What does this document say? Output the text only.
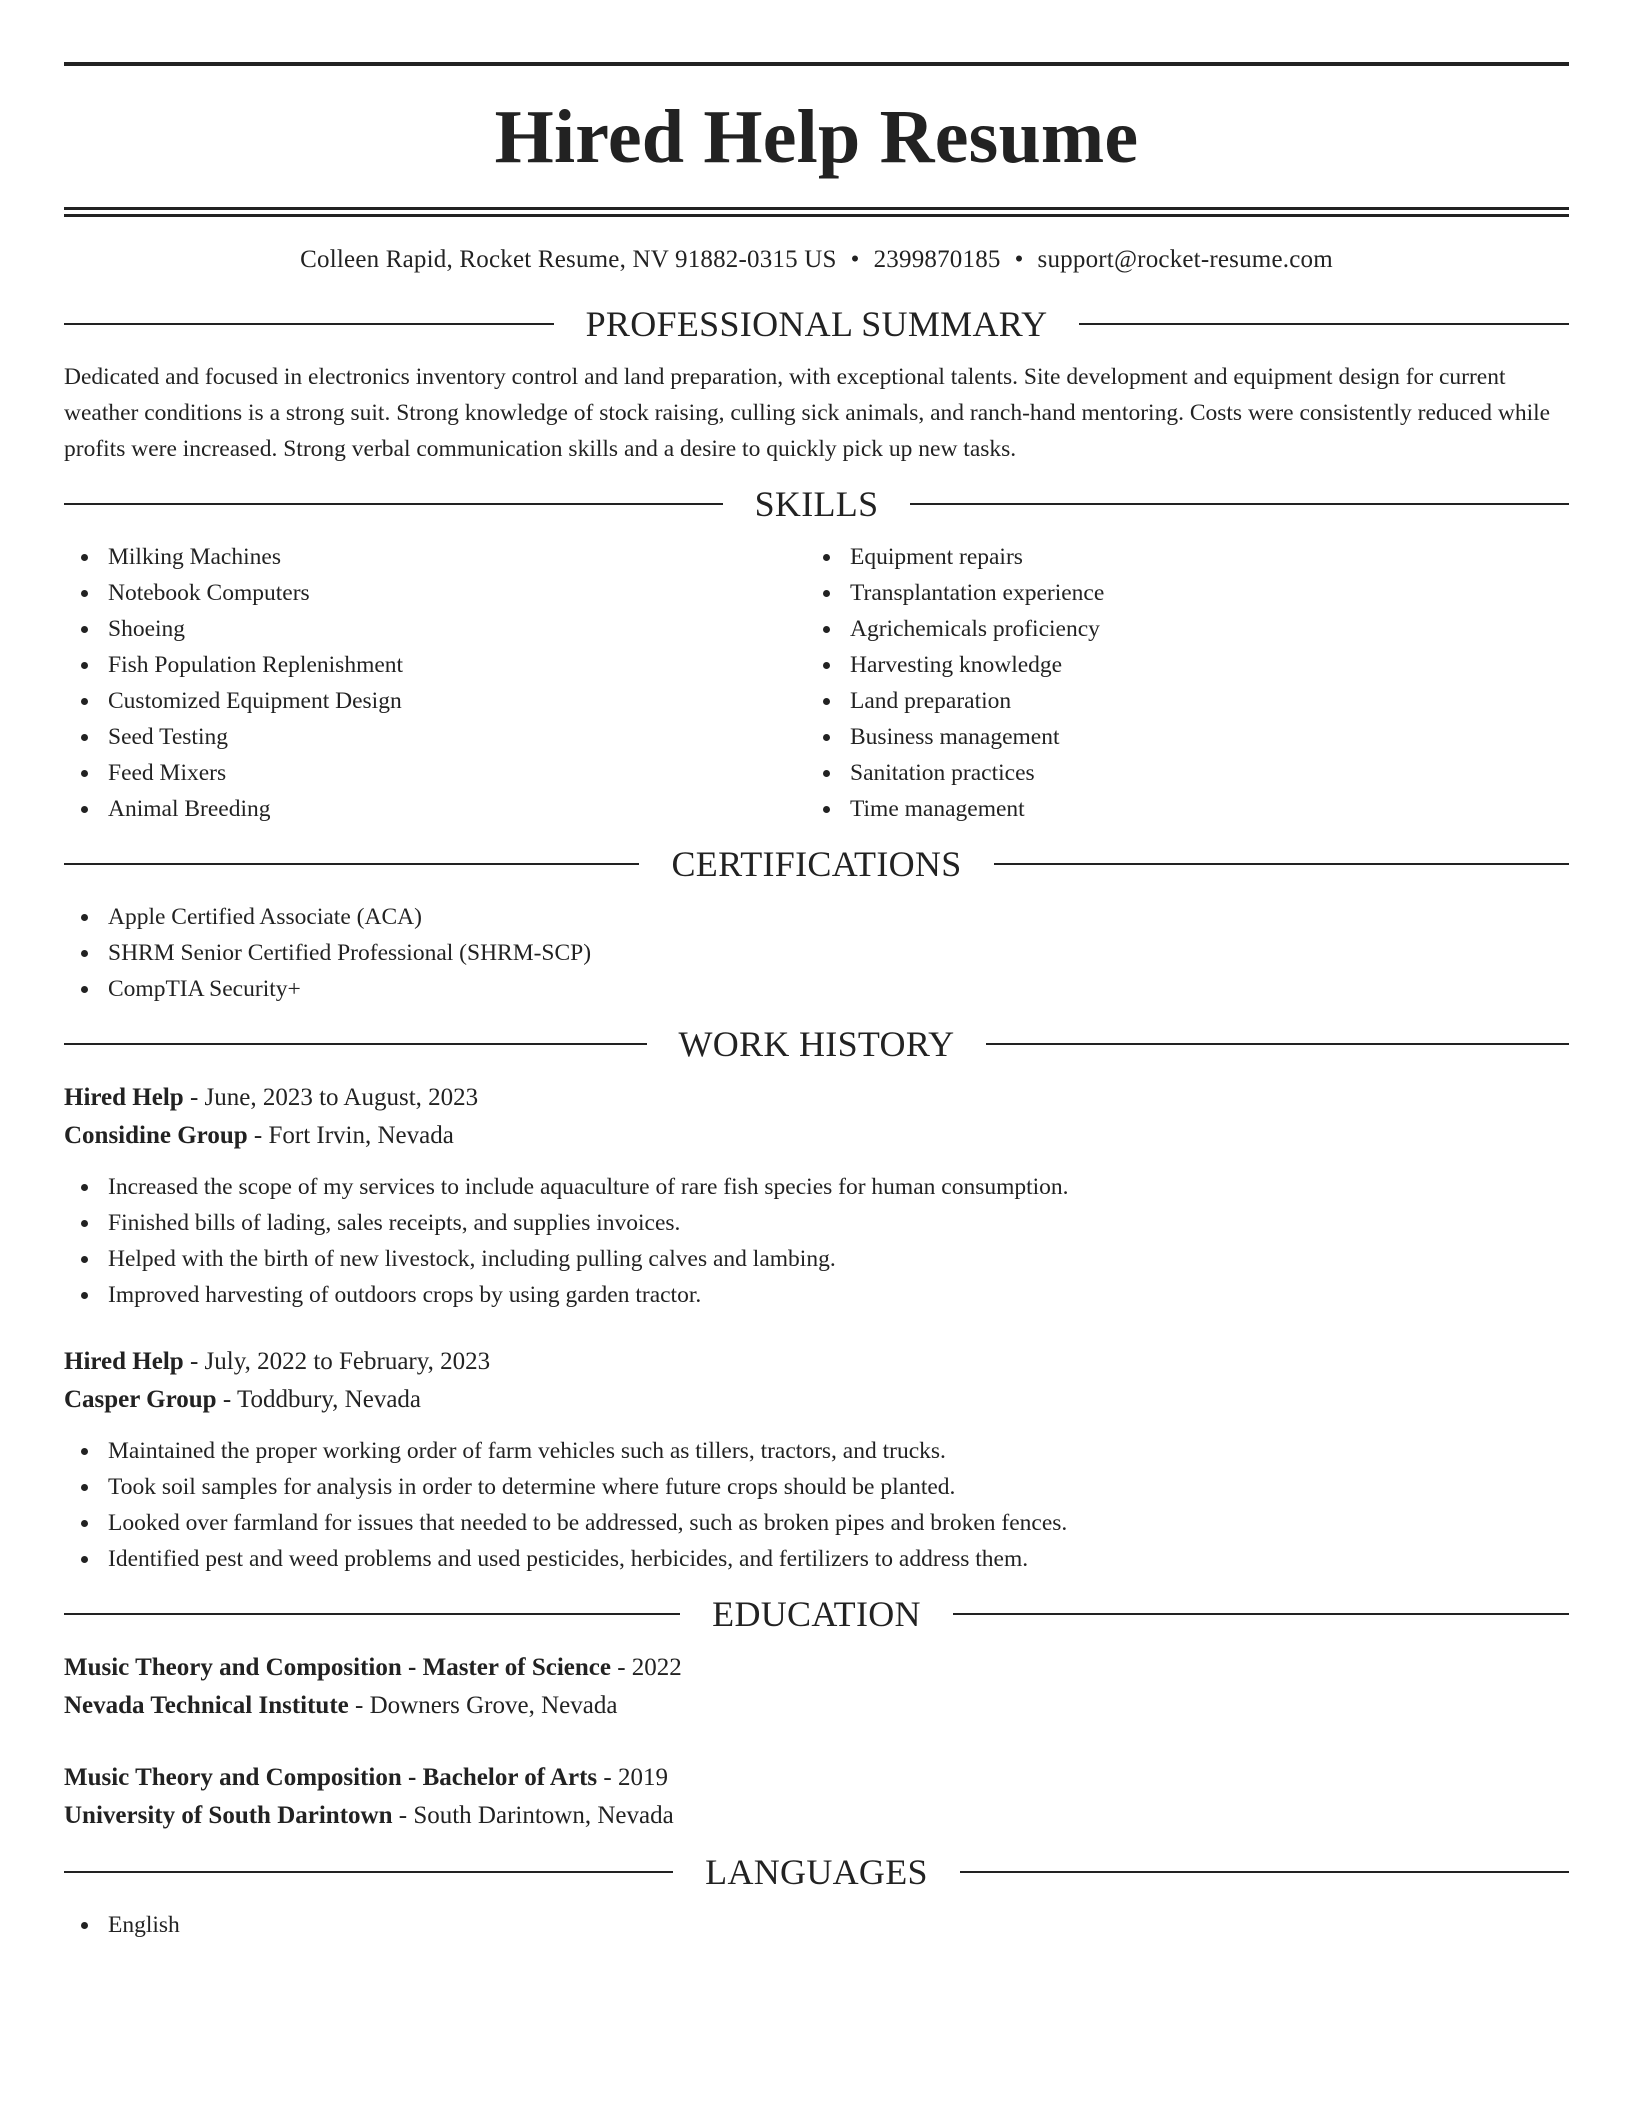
Hired Help Resume
Colleen Rapid, Rocket Resume, NV 91882-0315 US • 2399870185 • support@rocket-resume.com
PROFESSIONAL SUMMARY

Dedicated and focused in electronics inventory control and land preparation, with exceptional talents. Site development and equipment design for current weather conditions is a strong suit. Strong knowledge of stock raising, culling sick animals, and ranch-hand mentoring. Costs were consistently reduced while profits were increased. Strong verbal communication skills and a desire to quickly pick up new tasks.

SKILLS
Milking Machines
Notebook Computers
Shoeing
Fish Population Replenishment
Customized Equipment Design
Seed Testing
Feed Mixers
Animal Breeding
Equipment repairs
Transplantation experience
Agrichemicals proficiency
Harvesting knowledge
Land preparation
Business management
Sanitation practices
Time management
CERTIFICATIONS
Apple Certified Associate (ACA)
SHRM Senior Certified Professional (SHRM-SCP)
CompTIA Security+
WORK HISTORY
Hired Help - June, 2023 to August, 2023
Considine Group - Fort Irvin, Nevada
Increased the scope of my services to include aquaculture of rare fish species for human consumption.
Finished bills of lading, sales receipts, and supplies invoices.
Helped with the birth of new livestock, including pulling calves and lambing.
Improved harvesting of outdoors crops by using garden tractor.
Hired Help - July, 2022 to February, 2023
Casper Group - Toddbury, Nevada
Maintained the proper working order of farm vehicles such as tillers, tractors, and trucks.
Took soil samples for analysis in order to determine where future crops should be planted.
Looked over farmland for issues that needed to be addressed, such as broken pipes and broken fences.
Identified pest and weed problems and used pesticides, herbicides, and fertilizers to address them.
EDUCATION
Music Theory and Composition - Master of Science - 2022
Nevada Technical Institute - Downers Grove, Nevada
Music Theory and Composition - Bachelor of Arts - 2019
University of South Darintown - South Darintown, Nevada
LANGUAGES
English
